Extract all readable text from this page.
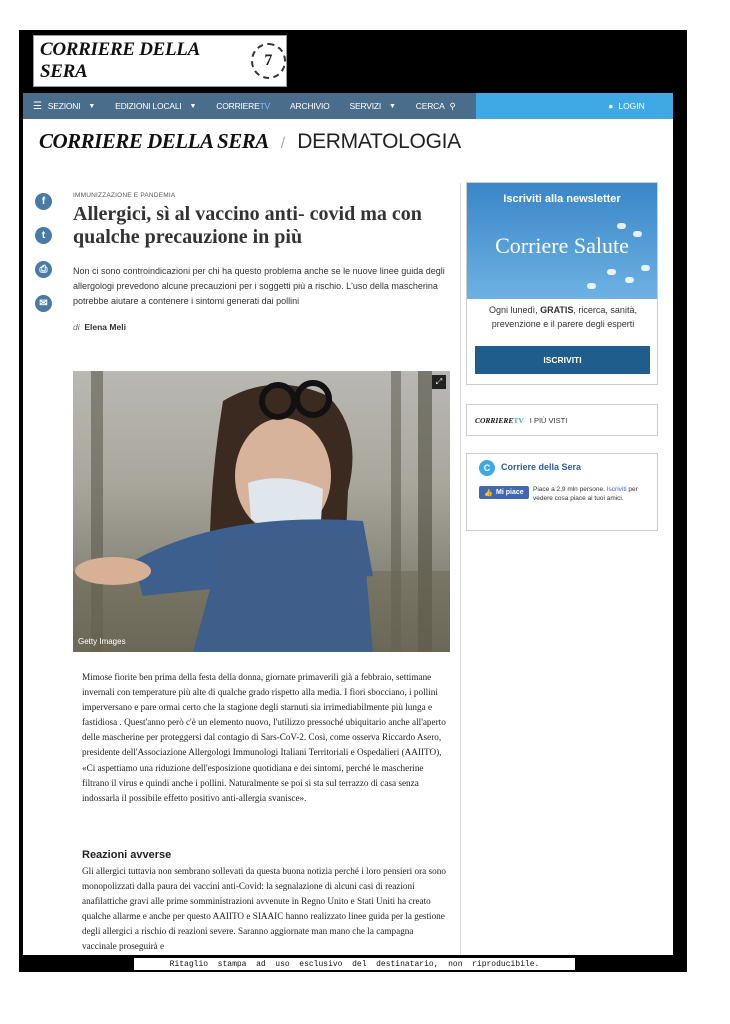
CORRIERE DELLA SERA
7
☰ SEZIONI ▼ EDIZIONI LOCALI ▼ CORRIERE TV ARCHIVIO SERVIZI ▼ CERCA ⚲	● LOGIN
CORRIERE DELLA SERA / DERMATOLOGIA
f
t
⎙
✉
IMMUNIZZAZIONE E PANDEMIA
Allergici, sì al vaccino anti- covid ma con qualche precauzione in più

Non ci sono controindicazioni per chi ha questo problema anche se le nuove linee guida degli allergologi prevedono alcune precauzioni per i soggetti più a rischio. L'uso della mascherina potrebbe aiutare a contenere i sintomi generati dai pollini

di Elena Meli
⤢
Getty Images

Mimose fiorite ben prima della festa della donna, giornate primaverili già a febbraio, settimane invernali con temperature più alte di qualche grado rispetto alla media. I fiori sbocciano, i pollini imperversano e pare ormai certo che la stagione degli starnuti sia irrimediabilmente più lunga e fastidiosa . Quest'anno però c'è un elemento nuovo, l'utilizzo pressoché ubiquitario anche all'aperto delle mascherine per proteggersi dal contagio di Sars-CoV-2. Così, come osserva Riccardo Asero, presidente dell'Associazione Allergologi Immunologi Italiani Territoriali e Ospedalieri (AAIITO), «Ci aspettiamo una riduzione dell'esposizione quotidiana e dei sintomi, perché le mascherine filtrano il virus e quindi anche i pollini. Naturalmente se poi si sta sul terrazzo di casa senza indossarla il possibile effetto positivo anti-allergia svanisce».

Reazioni avverse

Gli allergici tuttavia non sembrano sollevati da questa buona notizia perché i loro pensieri ora sono monopolizzati dalla paura dei vaccini anti-Covid: la segnalazione di alcuni casi di reazioni anafilattiche gravi alle prime somministrazioni avvenute in Regno Unito e Stati Uniti ha creato qualche allarme e anche per questo AAIITO e SIAAIC hanno realizzato linee guida per la gestione degli allergici a rischio di reazioni severe. Saranno aggiornate man mano che la campagna vaccinale proseguirà e

Iscriviti alla newsletter
Corriere Salute
Ogni lunedì, GRATIS, ricerca, sanità, prevenzione e il parere degli esperti
ISCRIVITI
CORRIERETV I PIÙ VISTI
C	Corriere della Sera
👍 Mi piace Piace a 2,9 mln persone. Iscriviti per vedere cosa piace ai tuoi amici.
Ritaglio  stampa  ad  uso  esclusivo  del  destinatario,  non  riproducibile.
